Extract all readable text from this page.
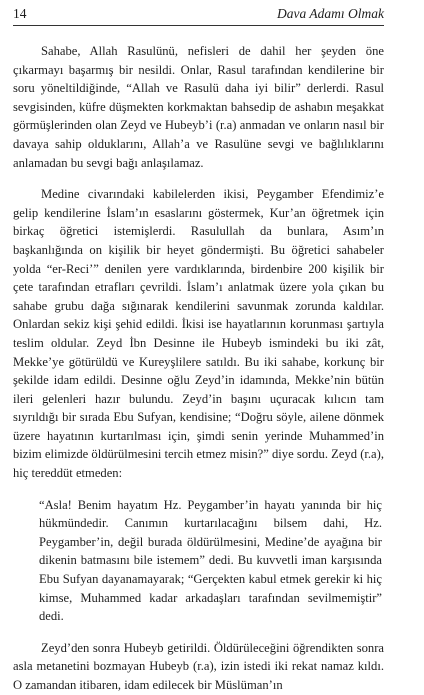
14	Dava Adamı Olmak

Sahabe, Allah Rasulünü, nefisleri de dahil her şeyden öne çıkarmayı başarmış bir nesildi. Onlar, Rasul tarafından kendilerine bir soru yöneltildiğinde, “Allah ve Rasulü daha iyi bilir” derlerdi. Rasul sevgisinden, küfre düşmekten korkmaktan bahsedip de ashabın meşakkat görmüşlerinden olan Zeyd ve Hubeyb’i (r.a) anmadan ve onların nasıl bir davaya sahip olduklarını, Allah’a ve Rasulüne sevgi ve bağlılıklarını anlamadan bu sevgi bağı anlaşılamaz.

Medine civarındaki kabilelerden ikisi, Peygamber Efendimiz’e gelip kendilerine İslam’ın esaslarını göstermek, Kur’an öğretmek için birkaç öğretici istemişlerdi. Rasulullah da bunlara, Asım’ın başkanlığında on kişilik bir heyet göndermişti. Bu öğretici sahabeler yolda “er-Reci’” denilen yere vardıklarında, birdenbire 200 kişilik bir çete tarafından etrafları çevrildi. İslam’ı anlatmak üzere yola çıkan bu sahabe grubu dağa sığınarak kendilerini savunmak zorunda kaldılar. Onlardan sekiz kişi şehid edildi. İkisi ise hayatlarının korunması şartıyla teslim oldular. Zeyd İbn Desinne ile Hubeyb ismindeki bu iki zât, Mekke’ye götürüldü ve Kureyşlilere satıldı. Bu iki sahabe, korkunç bir şekilde idam edildi. Desinne oğlu Zeyd’in idamında, Mekke’nin bütün ileri gelenleri hazır bulundu. Zeyd’in başını uçuracak kılıcın tam sıyrıldığı bir sırada Ebu Sufyan, kendisine; “Doğru söyle, ailene dönmek üzere hayatının kurtarılması için, şimdi senin yerinde Muhammed’in bizim elimizde öldürülmesini tercih etmez misin?” diye sordu. Zeyd (r.a), hiç tereddüt etmeden:

“Asla! Benim hayatım Hz. Peygamber’in hayatı yanında bir hiç hükmündedir. Canımın kurtarılacağını bilsem dahi, Hz. Peygamber’in, değil burada öldürülmesini, Medine’de ayağına bir dikenin batmasını bile istemem” dedi. Bu kuvvetli iman karşısında Ebu Sufyan dayanamayarak; “Gerçekten kabul etmek gerekir ki hiç kimse, Muhammed kadar arkadaşları tarafından sevilmemiştir” dedi.

Zeyd’den sonra Hubeyb getirildi. Öldürüleceğini öğrendikten sonra asla metanetini bozmayan Hubeyb (r.a), izin istedi iki rekat namaz kıldı. O zamandan itibaren, idam edilecek bir Müslüman’ın
